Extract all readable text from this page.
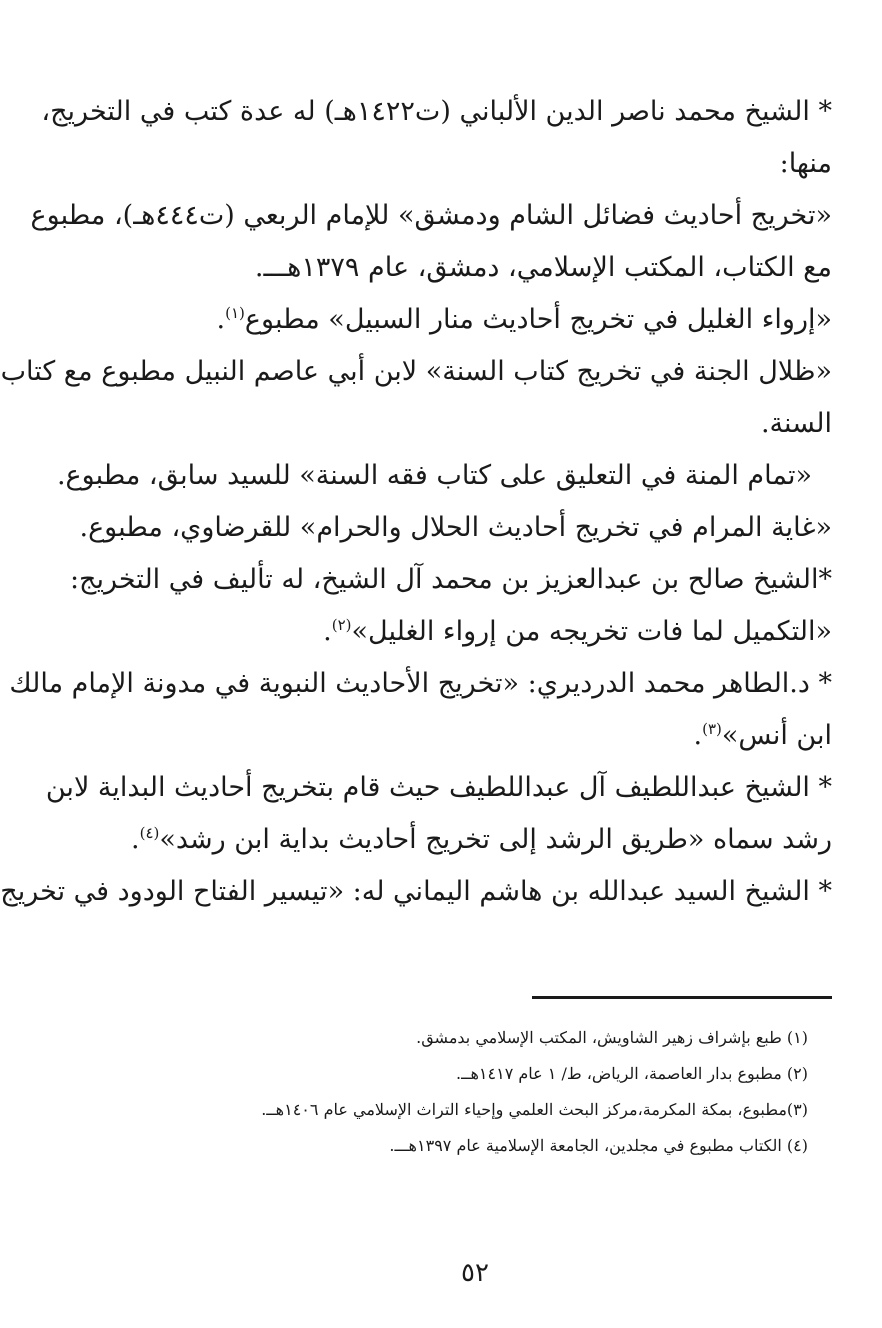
* الشيخ محمد ناصر الدين الألباني (ت١٤٢٢هـ) له عدة كتب في التخريج،
منها:
«تخريج أحاديث فضائل الشام ودمشق» للإمام الربعي (ت٤٤٤هـ)، مطبوع
مع الكتاب، المكتب الإسلامي، دمشق، عام ١٣٧٩هـــ.
«إرواء الغليل في تخريج أحاديث منار السبيل» مطبوع$^{(١)}$.
«ظلال الجنة في تخريج كتاب السنة» لابن أبي عاصم النبيل مطبوع مع كتاب
السنة.
«تمام المنة في التعليق على كتاب فقه السنة» للسيد سابق، مطبوع.
«غاية المرام في تخريج أحاديث الحلال والحرام» للقرضاوي، مطبوع.
*الشيخ صالح بن عبدالعزيز بن محمد آل الشيخ، له تأليف في التخريج:
«التكميل لما فات تخريجه من إرواء الغليل»$^{(٢)}$.
* د.الطاهر محمد الدرديري: «تخريج الأحاديث النبوية في مدونة الإمام مالك
ابن أنس»$^{(٣)}$.
* الشيخ عبداللطيف آل عبداللطيف حيث قام بتخريج أحاديث البداية لابن
رشد سماه «طريق الرشد إلى تخريج أحاديث بداية ابن رشد»$^{(٤)}$.
* الشيخ السيد عبدالله بن هاشم اليماني له: «تيسير الفتاح الودود في تخريج
(١) طبع بإشراف زهير الشاويش، المكتب الإسلامي بدمشق.
(٢) مطبوع بدار العاصمة، الرياض، ط/ ١ عام ١٤١٧هــ.
(٣)مطبوع، بمكة المكرمة،مركز البحث العلمي وإحياء التراث الإسلامي عام ١٤٠٦هــ.
(٤) الكتاب مطبوع في مجلدين، الجامعة الإسلامية عام ١٣٩٧هـــ.
٥٢
